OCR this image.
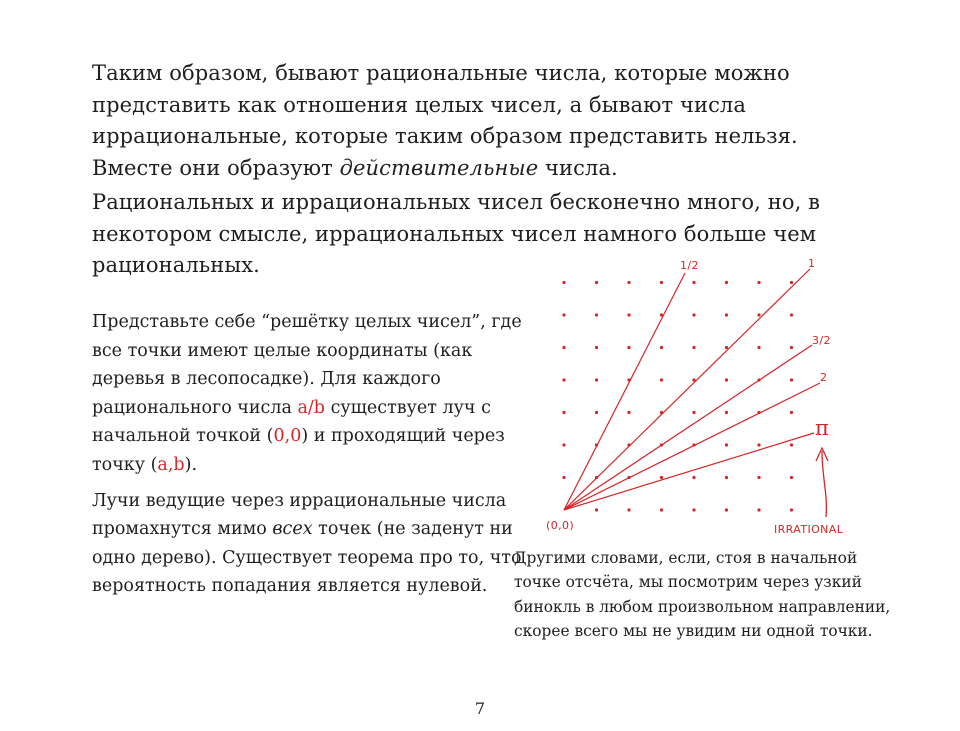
Таким образом, бывают рациональные числа, которые можно представить как отношения целых чисел, а бывают числа иррациональные, которые таким образом представить нельзя. Вместе они образуют действительные числа.

Рациональных и иррациональных чисел бесконечно много, но, в некотором смысле, иррациональных чисел намного больше чем рациональных.

Представьте себе “решётку целых чисел”, где все точки имеют целые координаты (как деревья в лесопосадке). Для каждого рационального числа a/b существует луч с начальной точкой (0,0) и проходящий через точку (a,b).

Лучи ведущие через иррациональные числа промахнутся мимо всех точек (не заденут ни одно дерево). Существует теорема про то, что вероятность попадания является нулевой.

1/2	1
3/2
2
π
(0,0)	IRRATIONAL

Другими словами, если, стоя в начальной точке отсчёта, мы посмотрим через узкий бинокль в любом произвольном направлении, скорее всего мы не увидим ни одной точки.

7
